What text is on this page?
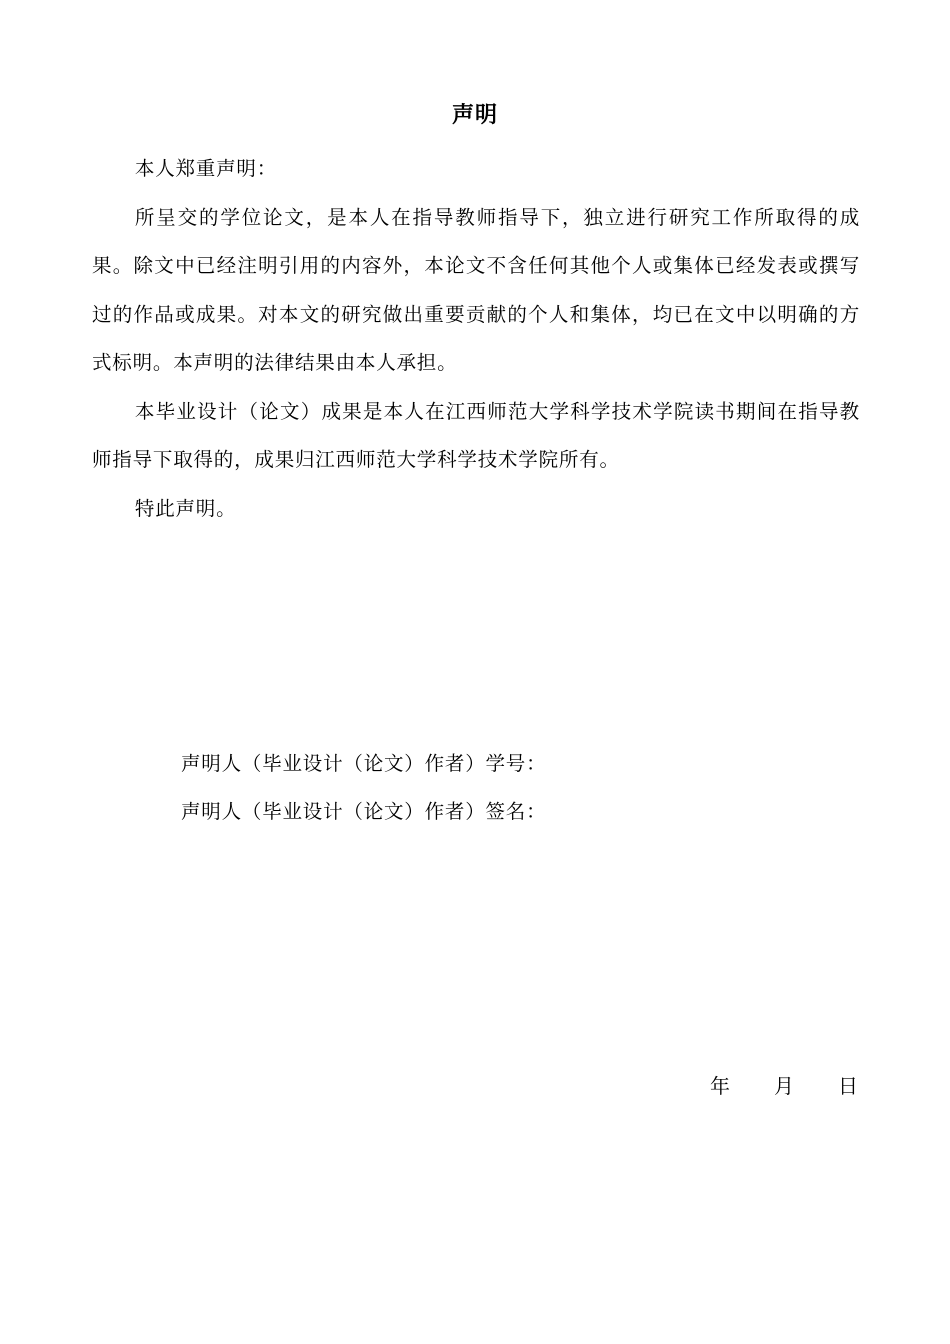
声明

本人郑重声明：

所呈交的学位论文，是本人在指导教师指导下，独立进行研究工作所取得的成果。除文中已经注明引用的内容外，本论文不含任何其他个人或集体已经发表或撰写过的作品或成果。对本文的研究做出重要贡献的个人和集体，均已在文中以明确的方式标明。本声明的法律结果由本人承担。

本毕业设计（论文）成果是本人在江西师范大学科学技术学院读书期间在指导教师指导下取得的，成果归江西师范大学科学技术学院所有。

特此声明。

声明人（毕业设计（论文）作者）学号：
声明人（毕业设计（论文）作者）签名：
年 月 日
